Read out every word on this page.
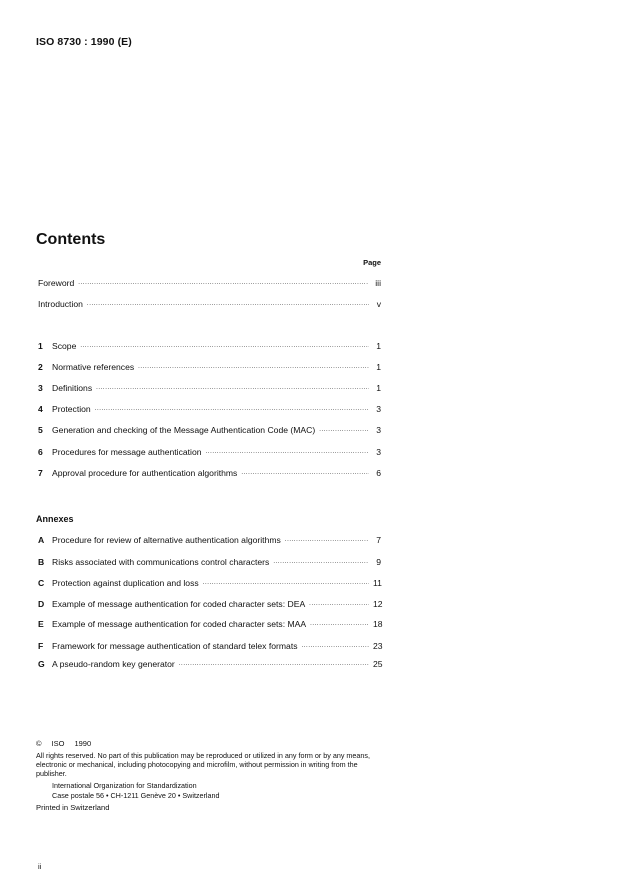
ISO 8730 : 1990 (E)
Contents
Page
Foreword .....	iii
Introduction .....	v
1	Scope .....	1
2	Normative references .....	1
3	Definitions .....	1
4	Protection .....	3
5	Generation and checking of the Message Authentication Code (MAC) .....	3
6	Procedures for message authentication .....	3
7	Approval procedure for authentication algorithms .....	6
Annexes
A Procedure for review of alternative authentication algorithms .....	7
B Risks associated with communications control characters .....	9
C Protection against duplication and loss .....	11
D Example of message authentication for coded character sets: DEA .....	12
E Example of message authentication for coded character sets: MAA .....	18
F	Framework for message authentication of standard telex formats .....	23
G A pseudo-random key generator .....	25
© ISO 1990
All rights reserved. No part of this publication may be reproduced or utilized in any form or by any means, electronic or mechanical, including photocopying and microfilm, without permission in writing from the publisher.
International Organization for Standardization
Case postale 56 • CH-1211 Genève 20 • Switzerland
Printed in Switzerland
ii
